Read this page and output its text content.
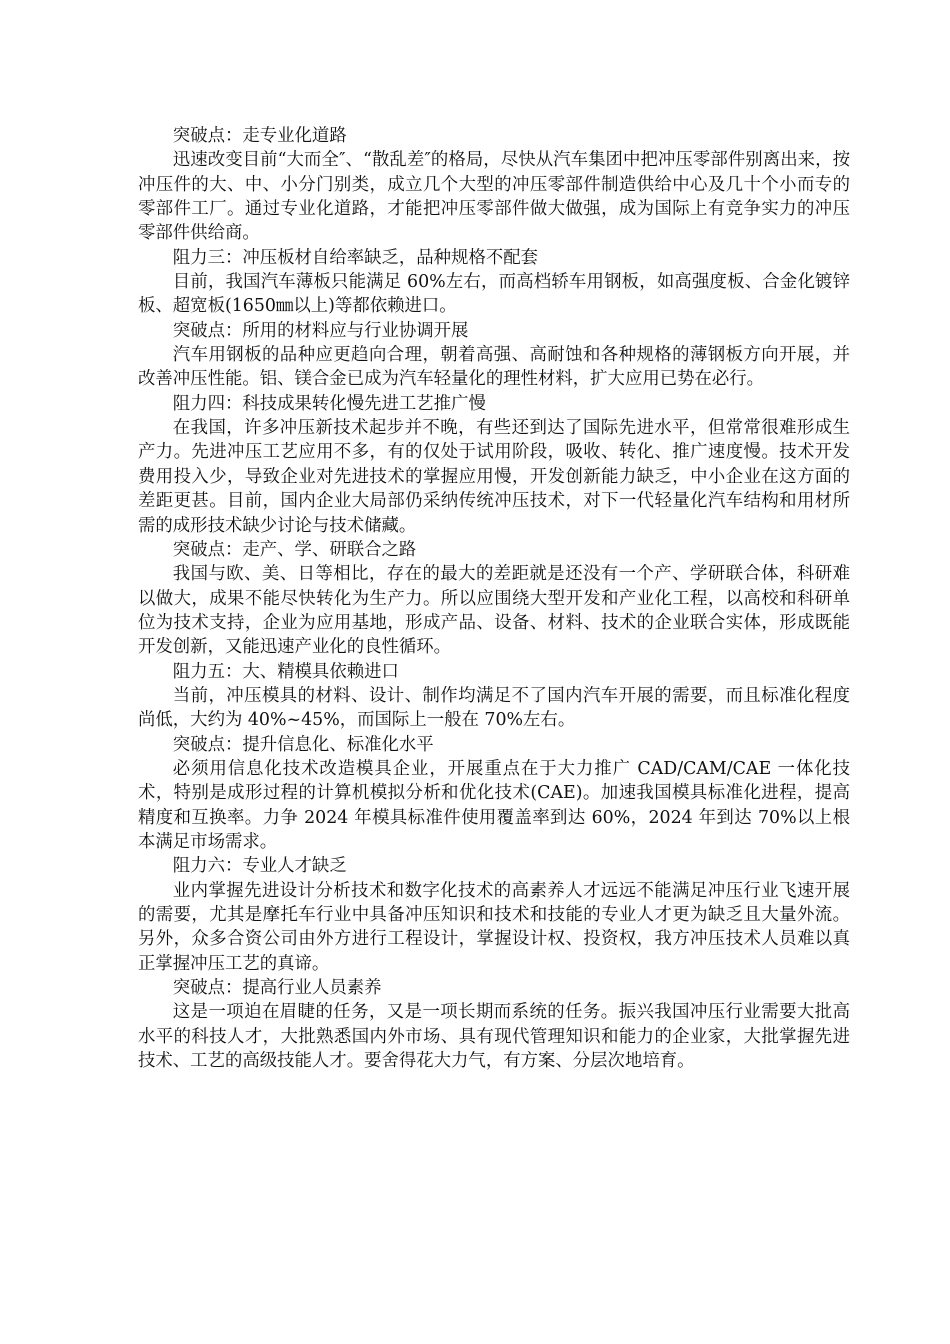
突破点：走专业化道路

迅速改变目前“大而全″、“散乱差″的格局，尽快从汽车集团中把冲压零部件别离出来，按冲压件的大、中、小分门别类，成立几个大型的冲压零部件制造供给中心及几十个小而专的零部件工厂。通过专业化道路，才能把冲压零部件做大做强，成为国际上有竞争实力的冲压零部件供给商。

阻力三：冲压板材自给率缺乏，品种规格不配套

目前，我国汽车薄板只能满足 60%左右，而高档轿车用钢板，如高强度板、合金化镀锌板、超宽板(1650㎜以上)等都依赖进口。

突破点：所用的材料应与行业协调开展

汽车用钢板的品种应更趋向合理，朝着高强、高耐蚀和各种规格的薄钢板方向开展，并改善冲压性能。铝、镁合金已成为汽车轻量化的理性材料，扩大应用已势在必行。

阻力四：科技成果转化慢先进工艺推广慢

在我国，许多冲压新技术起步并不晚，有些还到达了国际先进水平，但常常很难形成生产力。先进冲压工艺应用不多，有的仅处于试用阶段，吸收、转化、推广速度慢。技术开发费用投入少，导致企业对先进技术的掌握应用慢，开发创新能力缺乏，中小企业在这方面的差距更甚。目前，国内企业大局部仍采纳传统冲压技术，对下一代轻量化汽车结构和用材所需的成形技术缺少讨论与技术储藏。

突破点：走产、学、研联合之路

我国与欧、美、日等相比，存在的最大的差距就是还没有一个产、学研联合体，科研难以做大，成果不能尽快转化为生产力。所以应围绕大型开发和产业化工程，以高校和科研单位为技术支持，企业为应用基地，形成产品、设备、材料、技术的企业联合实体，形成既能开发创新，又能迅速产业化的良性循环。

阻力五：大、精模具依赖进口

当前，冲压模具的材料、设计、制作均满足不了国内汽车开展的需要，而且标准化程度尚低，大约为 40%~45%，而国际上一般在 70%左右。

突破点：提升信息化、标准化水平

必须用信息化技术改造模具企业，开展重点在于大力推广 CAD/CAM/CAE 一体化技术，特别是成形过程的计算机模拟分析和优化技术(CAE)。加速我国模具标准化进程，提高精度和互换率。力争 2024 年模具标准件使用覆盖率到达 60%，2024 年到达 70%以上根本满足市场需求。

阻力六：专业人才缺乏

业内掌握先进设计分析技术和数字化技术的高素养人才远远不能满足冲压行业飞速开展的需要，尤其是摩托车行业中具备冲压知识和技术和技能的专业人才更为缺乏且大量外流。另外，众多合资公司由外方进行工程设计，掌握设计权、投资权，我方冲压技术人员难以真正掌握冲压工艺的真谛。

突破点：提高行业人员素养

这是一项迫在眉睫的任务，又是一项长期而系统的任务。振兴我国冲压行业需要大批高水平的科技人才，大批熟悉国内外市场、具有现代管理知识和能力的企业家，大批掌握先进技术、工艺的高级技能人才。要舍得花大力气，有方案、分层次地培育。
